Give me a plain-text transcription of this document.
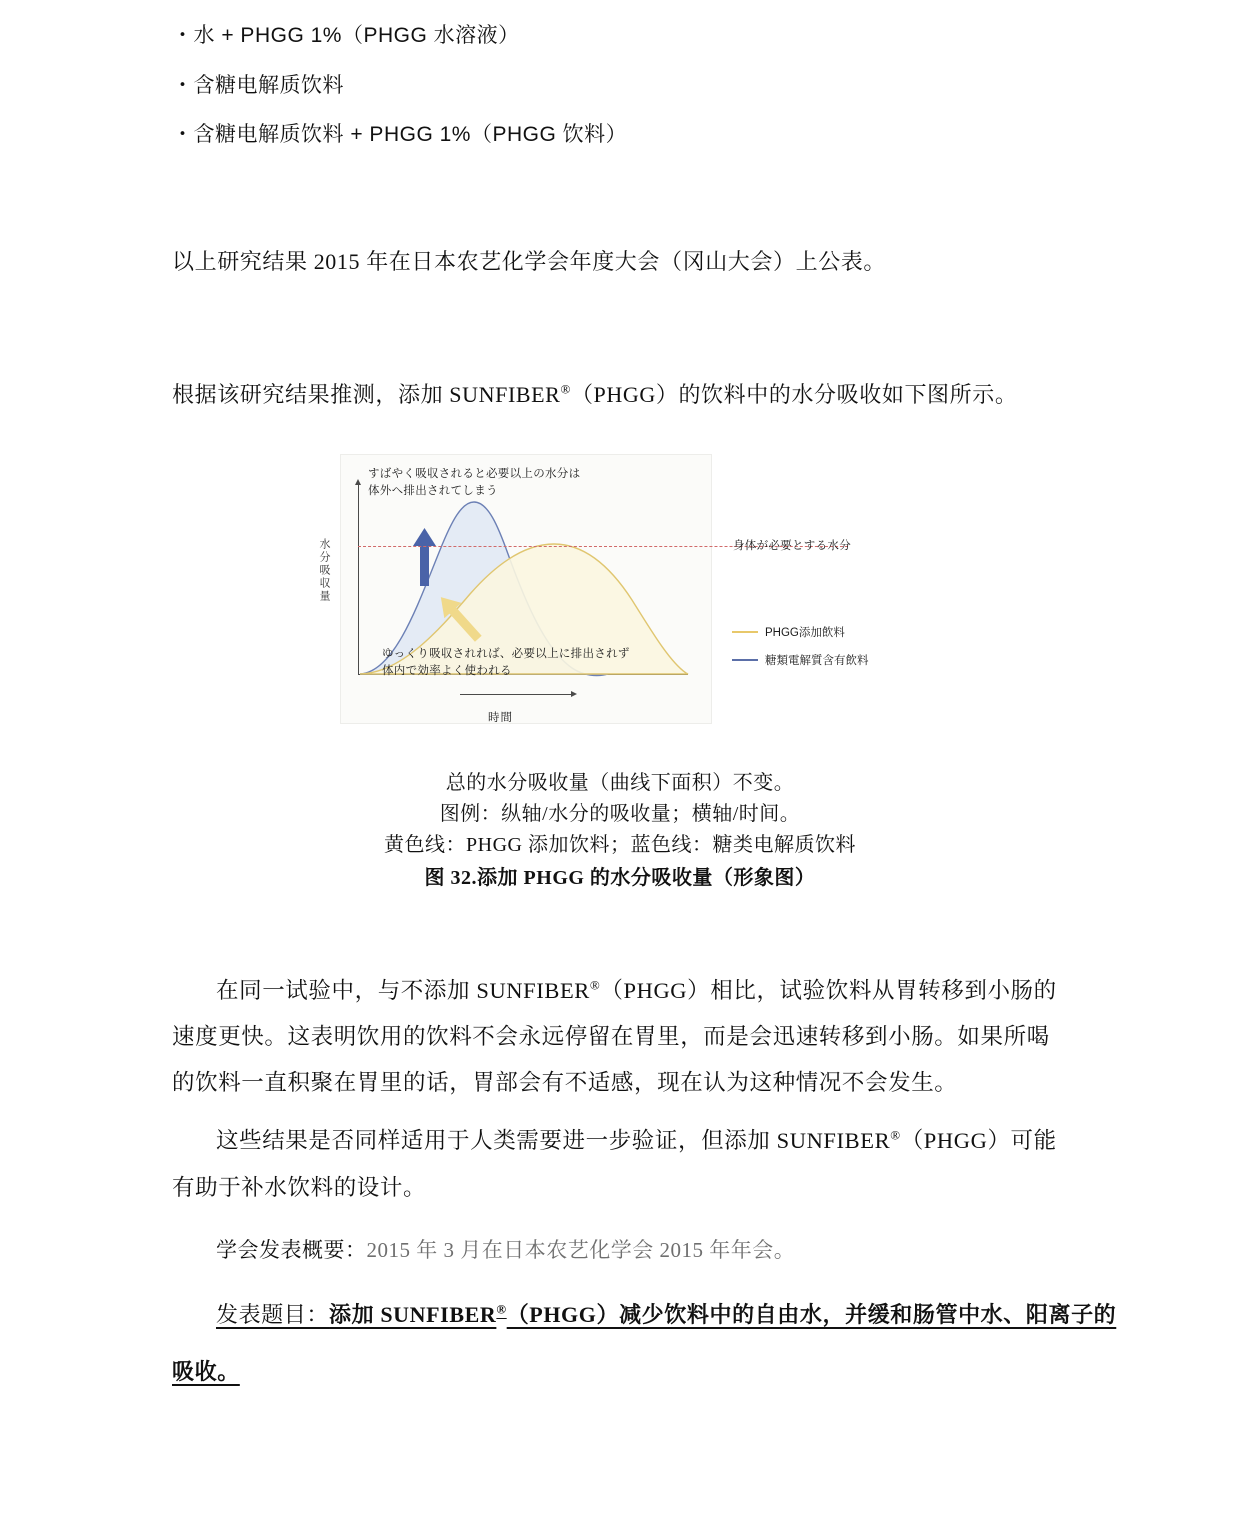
・水 + PHGG 1%（PHGG 水溶液）
・含糖电解质饮料
・含糖电解质饮料 + PHGG 1%（PHGG 饮料）

以上研究结果 2015 年在日本农艺化学会年度大会（冈山大会）上公表。

根据该研究结果推测，添加 SUNFIBER®（PHGG）的饮料中的水分吸收如下图所示。

水分吸収量
すばやく吸収されると必要以上の水分は
体外へ排出されてしまう
ゆっくり吸収されれば、必要以上に排出されず
体内で効率よく使われる
身体が必要とする水分
PHGG添加飲料
糖類電解質含有飲料
時間
总的水分吸收量（曲线下面积）不变。
图例：纵轴/水分的吸收量；横轴/时间。
黄色线：PHGG 添加饮料；蓝色线：糖类电解质饮料
图 32.添加 PHGG 的水分吸收量（形象图）

在同一试验中，与不添加 SUNFIBER®（PHGG）相比，试验饮料从胃转移到小肠的速度更快。这表明饮用的饮料不会永远停留在胃里，而是会迅速转移到小肠。如果所喝的饮料一直积聚在胃里的话，胃部会有不适感，现在认为这种情况不会发生。

这些结果是否同样适用于人类需要进一步验证，但添加 SUNFIBER®（PHGG）可能有助于补水饮料的设计。

学会发表概要：2015 年 3 月在日本农艺化学会 2015 年年会。

发表题目：添加 SUNFIBER®（PHGG）减少饮料中的自由水，并缓和肠管中水、阳离子的

吸收。
